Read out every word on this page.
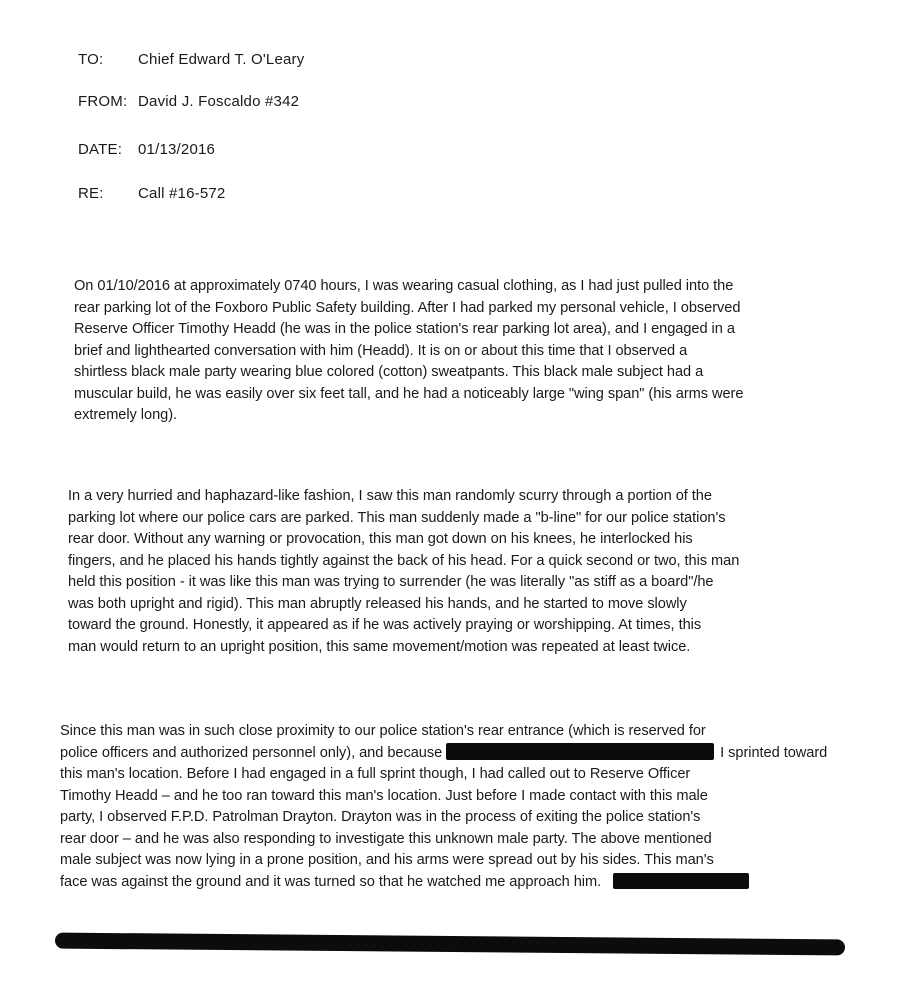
TO: Chief Edward T. O'Leary
FROM: David J. Foscaldo #342
DATE: 01/13/2016
RE: Call #16-572
On 01/10/2016 at approximately 0740 hours, I was wearing casual clothing, as I had just pulled into the
rear parking lot of the Foxboro Public Safety building. After I had parked my personal vehicle, I observed
Reserve Officer Timothy Headd (he was in the police station's rear parking lot area), and I engaged in a
brief and lighthearted conversation with him (Headd). It is on or about this time that I observed a
shirtless black male party wearing blue colored (cotton) sweatpants. This black male subject had a
muscular build, he was easily over six feet tall, and he had a noticeably large "wing span" (his arms were
extremely long).
In a very hurried and haphazard-like fashion, I saw this man randomly scurry through a portion of the
parking lot where our police cars are parked. This man suddenly made a "b-line" for our police station's
rear door. Without any warning or provocation, this man got down on his knees, he interlocked his
fingers, and he placed his hands tightly against the back of his head. For a quick second or two, this man
held this position - it was like this man was trying to surrender (he was literally "as stiff as a board"/he
was both upright and rigid). This man abruptly released his hands, and he started to move slowly
toward the ground. Honestly, it appeared as if he was actively praying or worshipping. At times, this
man would return to an upright position, this same movement/motion was repeated at least twice.
Since this man was in such close proximity to our police station's rear entrance (which is reserved for
police officers and authorized personnel only), and because	I sprinted toward
this man's location. Before I had engaged in a full sprint though, I had called out to Reserve Officer
Timothy Headd – and he too ran toward this man's location. Just before I made contact with this male
party, I observed F.P.D. Patrolman Drayton. Drayton was in the process of exiting the police station's
rear door – and he was also responding to investigate this unknown male party. The above mentioned
male subject was now lying in a prone position, and his arms were spread out by his sides. This man's
face was against the ground and it was turned so that he watched me approach him.
